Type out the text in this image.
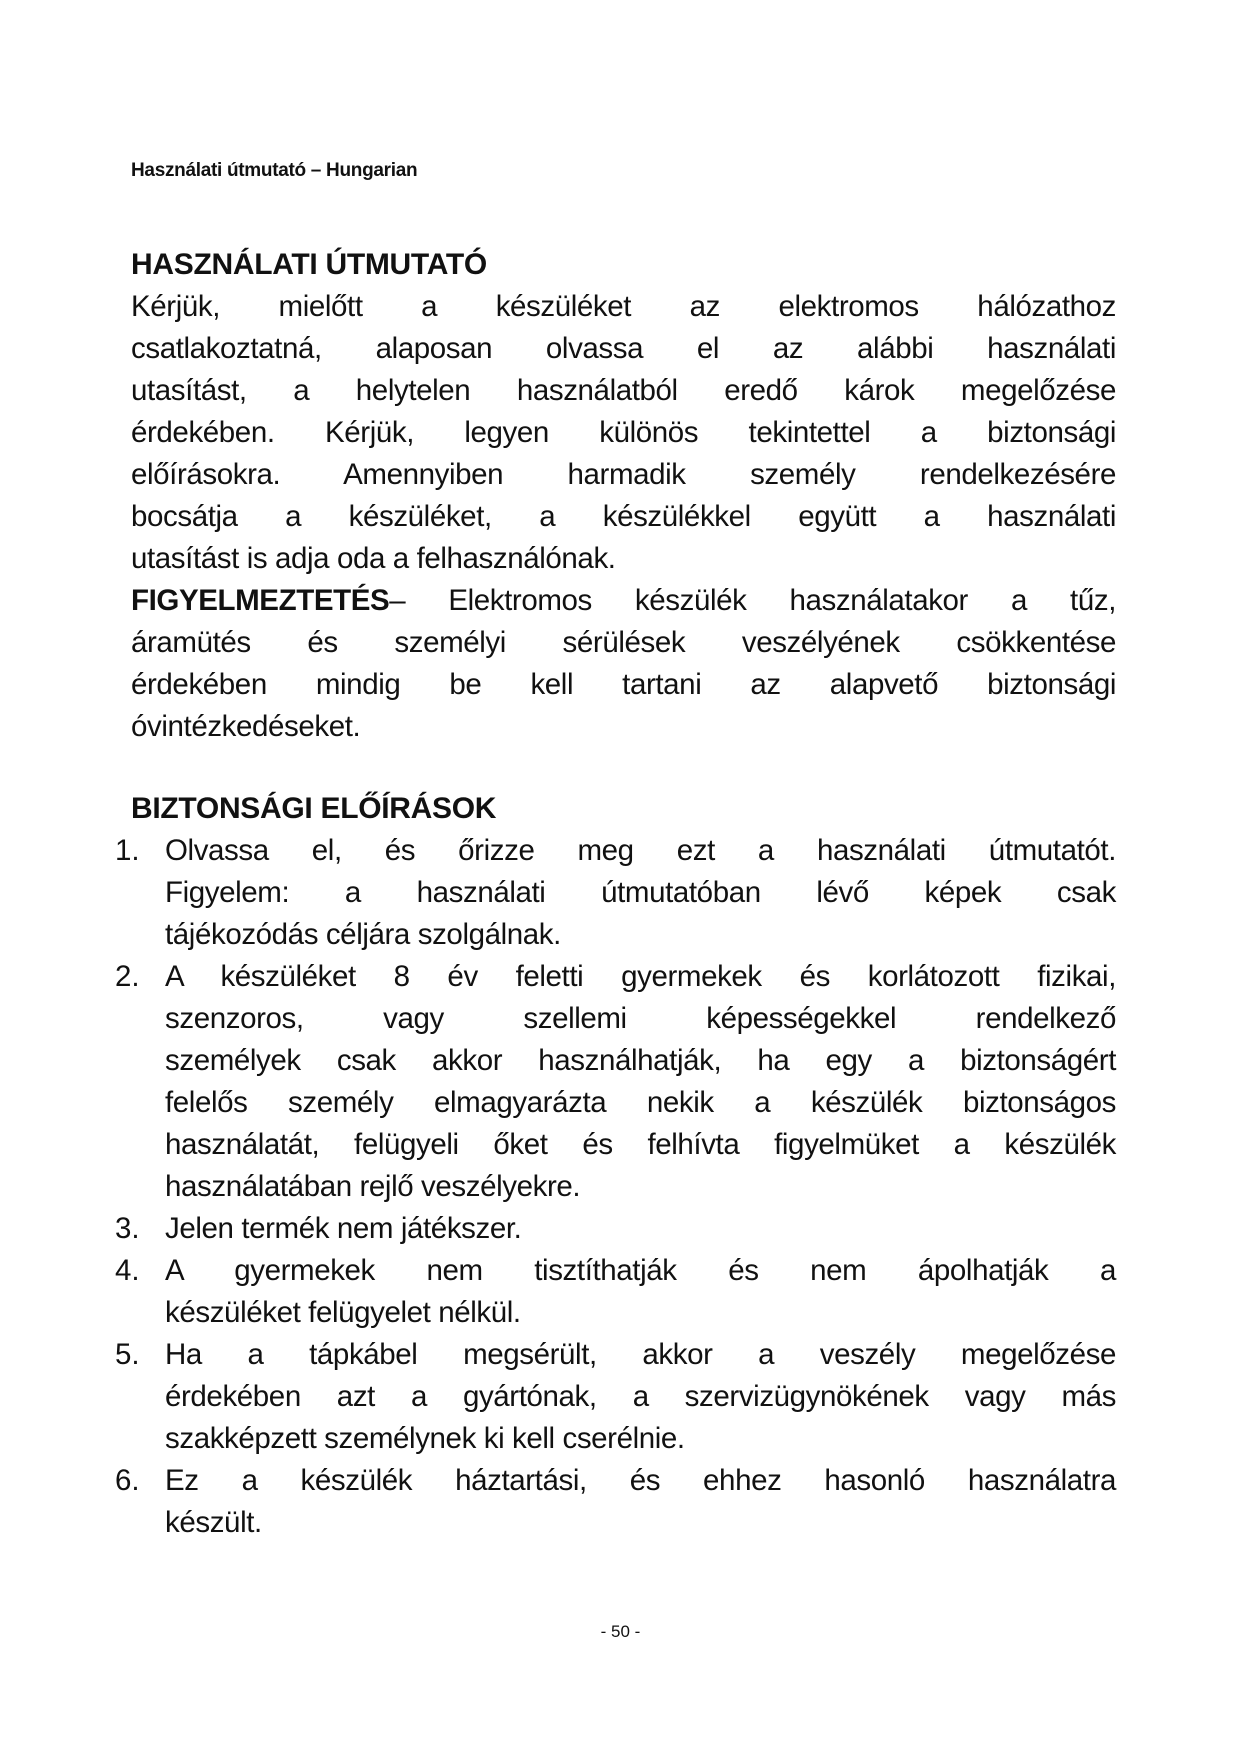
Használati útmutató – Hungarian
HASZNÁLATI ÚTMUTATÓ
Kérjük, mielőtt a készüléket az elektromos hálózathoz
csatlakoztatná, alaposan olvassa el az alábbi használati
utasítást, a helytelen használatból eredő károk megelőzése
érdekében. Kérjük, legyen különös tekintettel a biztonsági
előírásokra. Amennyiben harmadik személy rendelkezésére
bocsátja a készüléket, a készülékkel együtt a használati
utasítást is adja oda a felhasználónak.
FIGYELMEZTETÉS– Elektromos készülék használatakor a tűz,
áramütés és személyi sérülések veszélyének csökkentése
érdekében mindig be kell tartani az alapvető biztonsági
óvintézkedéseket.
BIZTONSÁGI ELŐÍRÁSOK
1. Olvassa el, és őrizze meg ezt a használati útmutatót.
Figyelem: a használati útmutatóban lévő képek csak
tájékozódás céljára szolgálnak.
2. A készüléket 8 év feletti gyermekek és korlátozott fizikai,
szenzoros, vagy szellemi képességekkel rendelkező
személyek csak akkor használhatják, ha egy a biztonságért
felelős személy elmagyarázta nekik a készülék biztonságos
használatát, felügyeli őket és felhívta figyelmüket a készülék
használatában rejlő veszélyekre.
3. Jelen termék nem játékszer.
4. A gyermekek nem tisztíthatják és nem ápolhatják a
készüléket felügyelet nélkül.
5. Ha a tápkábel megsérült, akkor a veszély megelőzése
érdekében azt a gyártónak, a szervizügynökének vagy más
szakképzett személynek ki kell cserélnie.
6. Ez a készülék háztartási, és ehhez hasonló használatra
készült.
- 50 -
